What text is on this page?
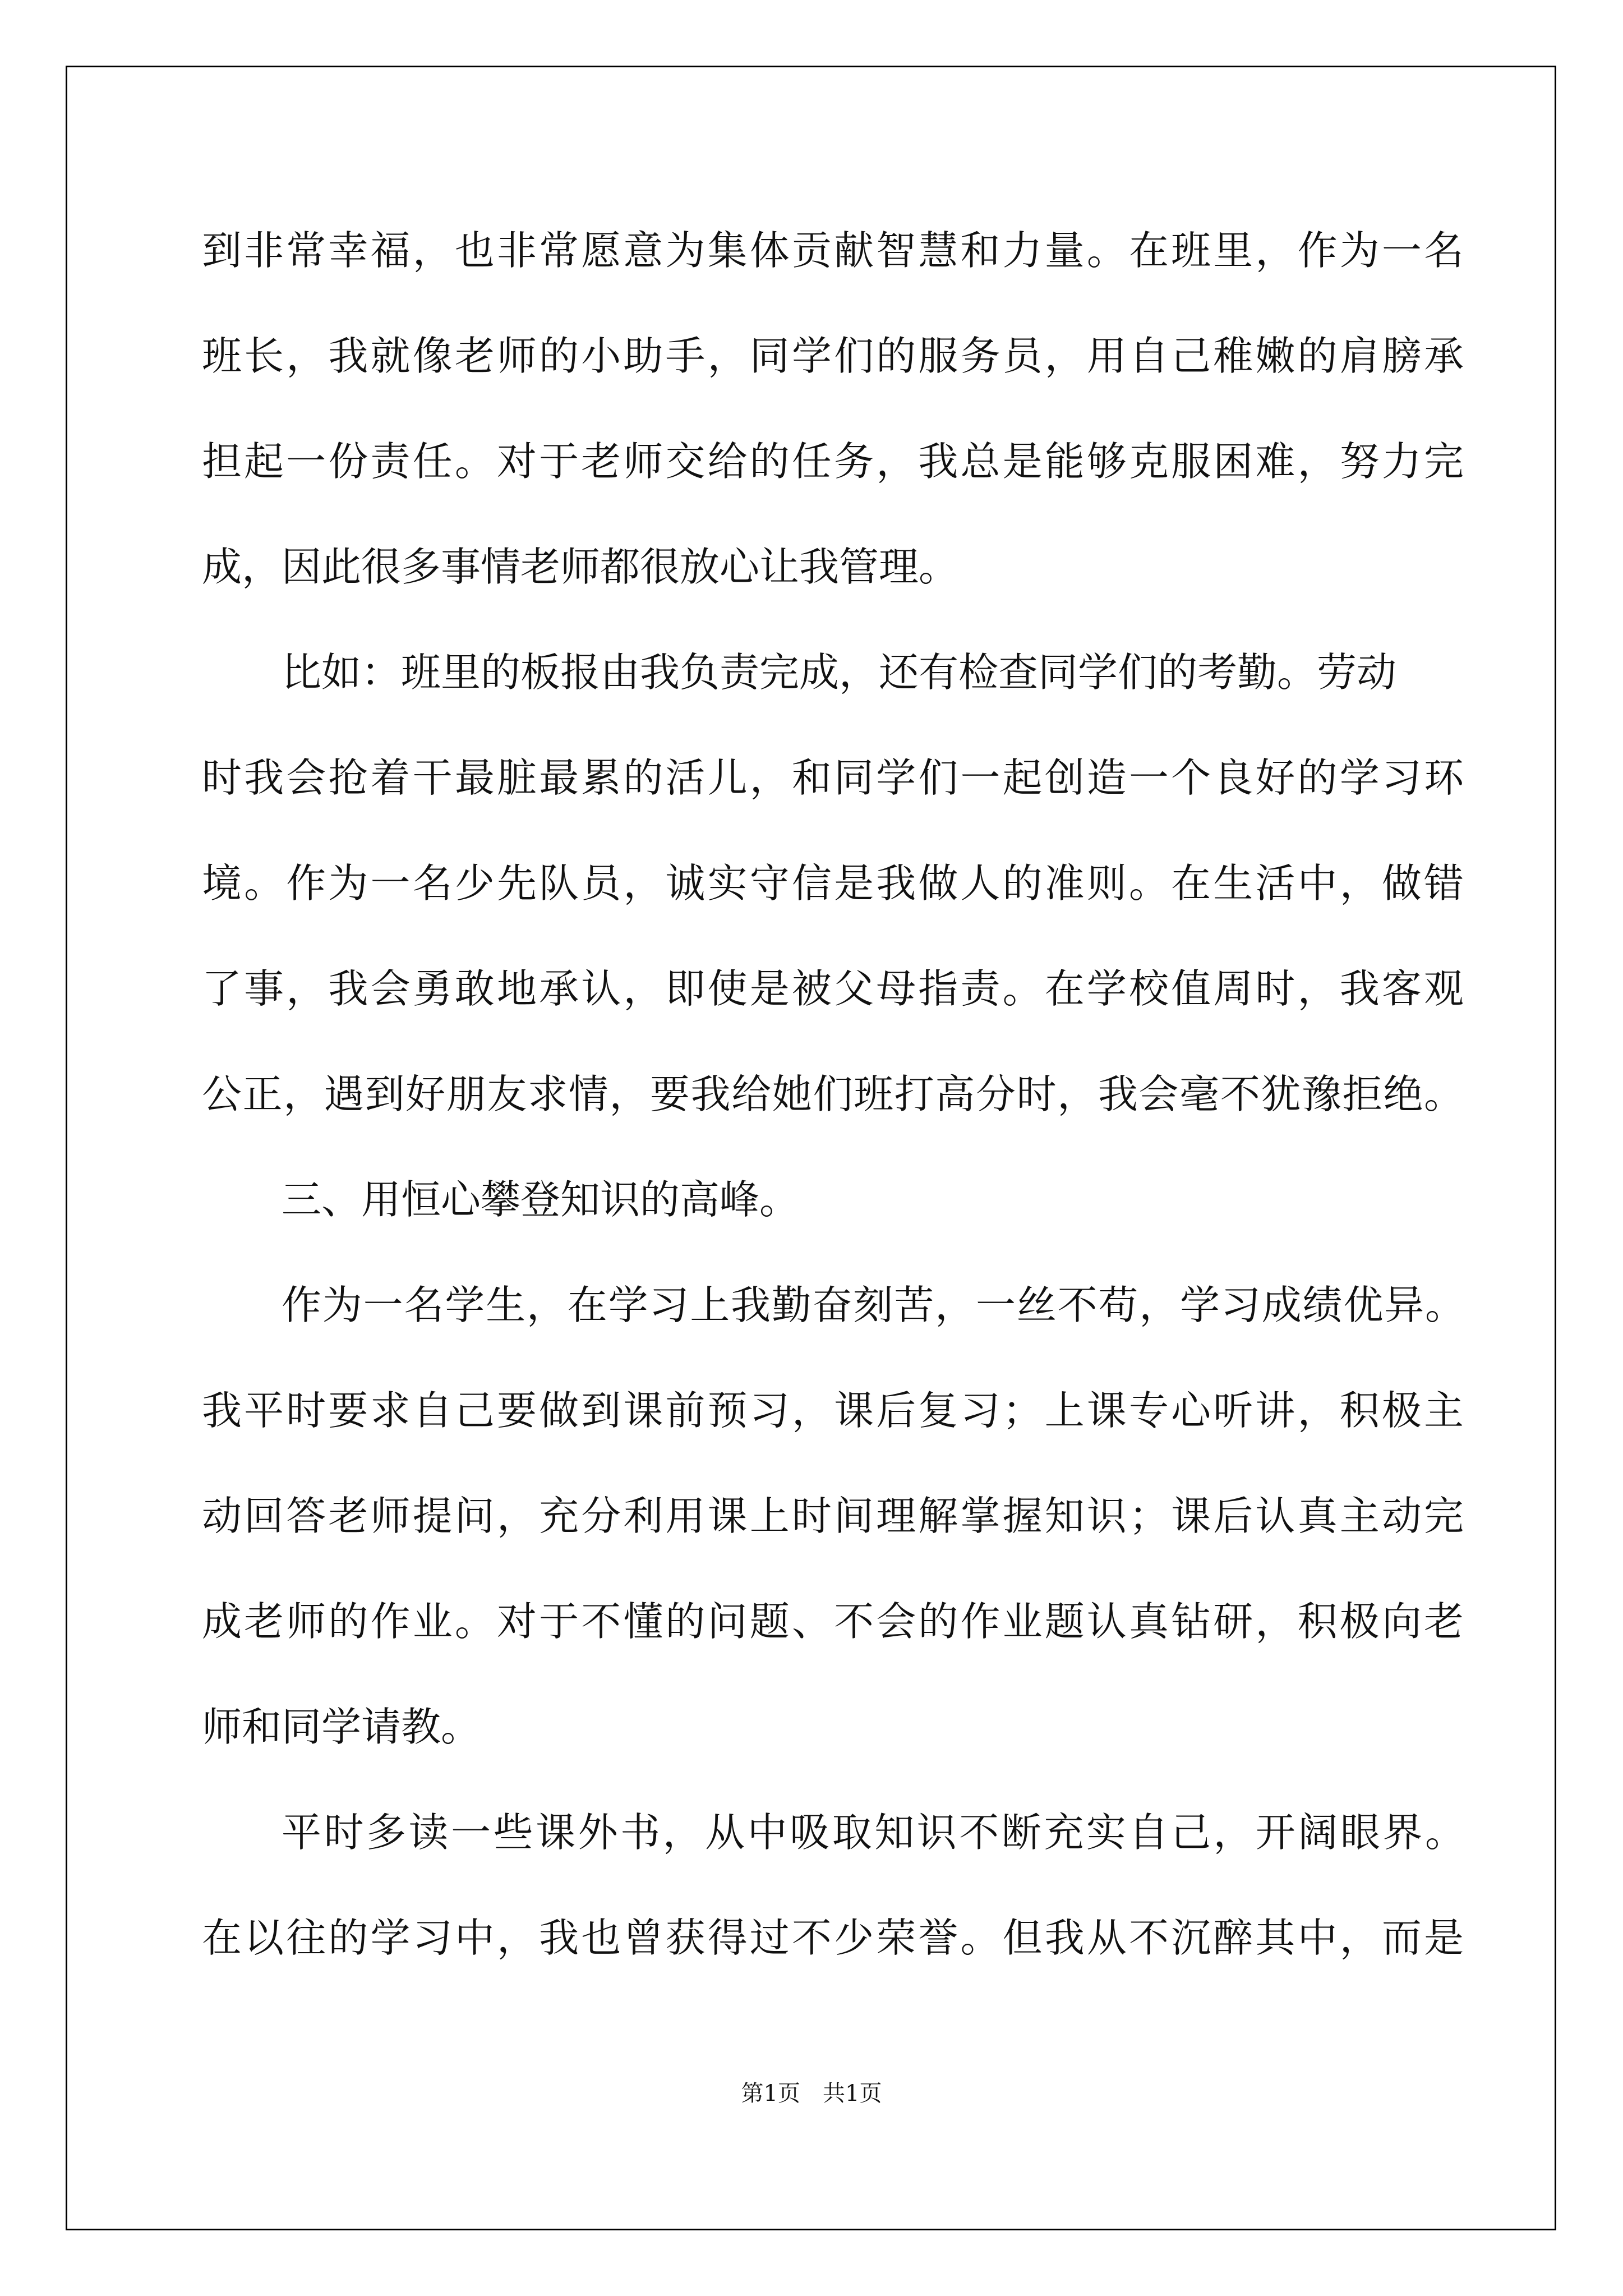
到非常幸福，也非常愿意为集体贡献智慧和力量。在班里，作为一名
班长，我就像老师的小助手，同学们的服务员，用自己稚嫩的肩膀承
担起一份责任。对于老师交给的任务，我总是能够克服困难，努力完
成，因此很多事情老师都很放心让我管理。
比如：班里的板报由我负责完成，还有检查同学们的考勤。劳动
时我会抢着干最脏最累的活儿，和同学们一起创造一个良好的学习环
境。作为一名少先队员，诚实守信是我做人的准则。在生活中，做错
了事，我会勇敢地承认，即使是被父母指责。在学校值周时，我客观
公正，遇到好朋友求情，要我给她们班打高分时，我会毫不犹豫拒绝。
三、用恒心攀登知识的高峰。
作为一名学生，在学习上我勤奋刻苦，一丝不苟，学习成绩优异。
我平时要求自己要做到课前预习，课后复习；上课专心听讲，积极主
动回答老师提问，充分利用课上时间理解掌握知识；课后认真主动完
成老师的作业。对于不懂的问题、不会的作业题认真钻研，积极向老
师和同学请教。
平时多读一些课外书，从中吸取知识不断充实自己，开阔眼界。
在以往的学习中，我也曾获得过不少荣誉。但我从不沉醉其中，而是
第1页　共1页
